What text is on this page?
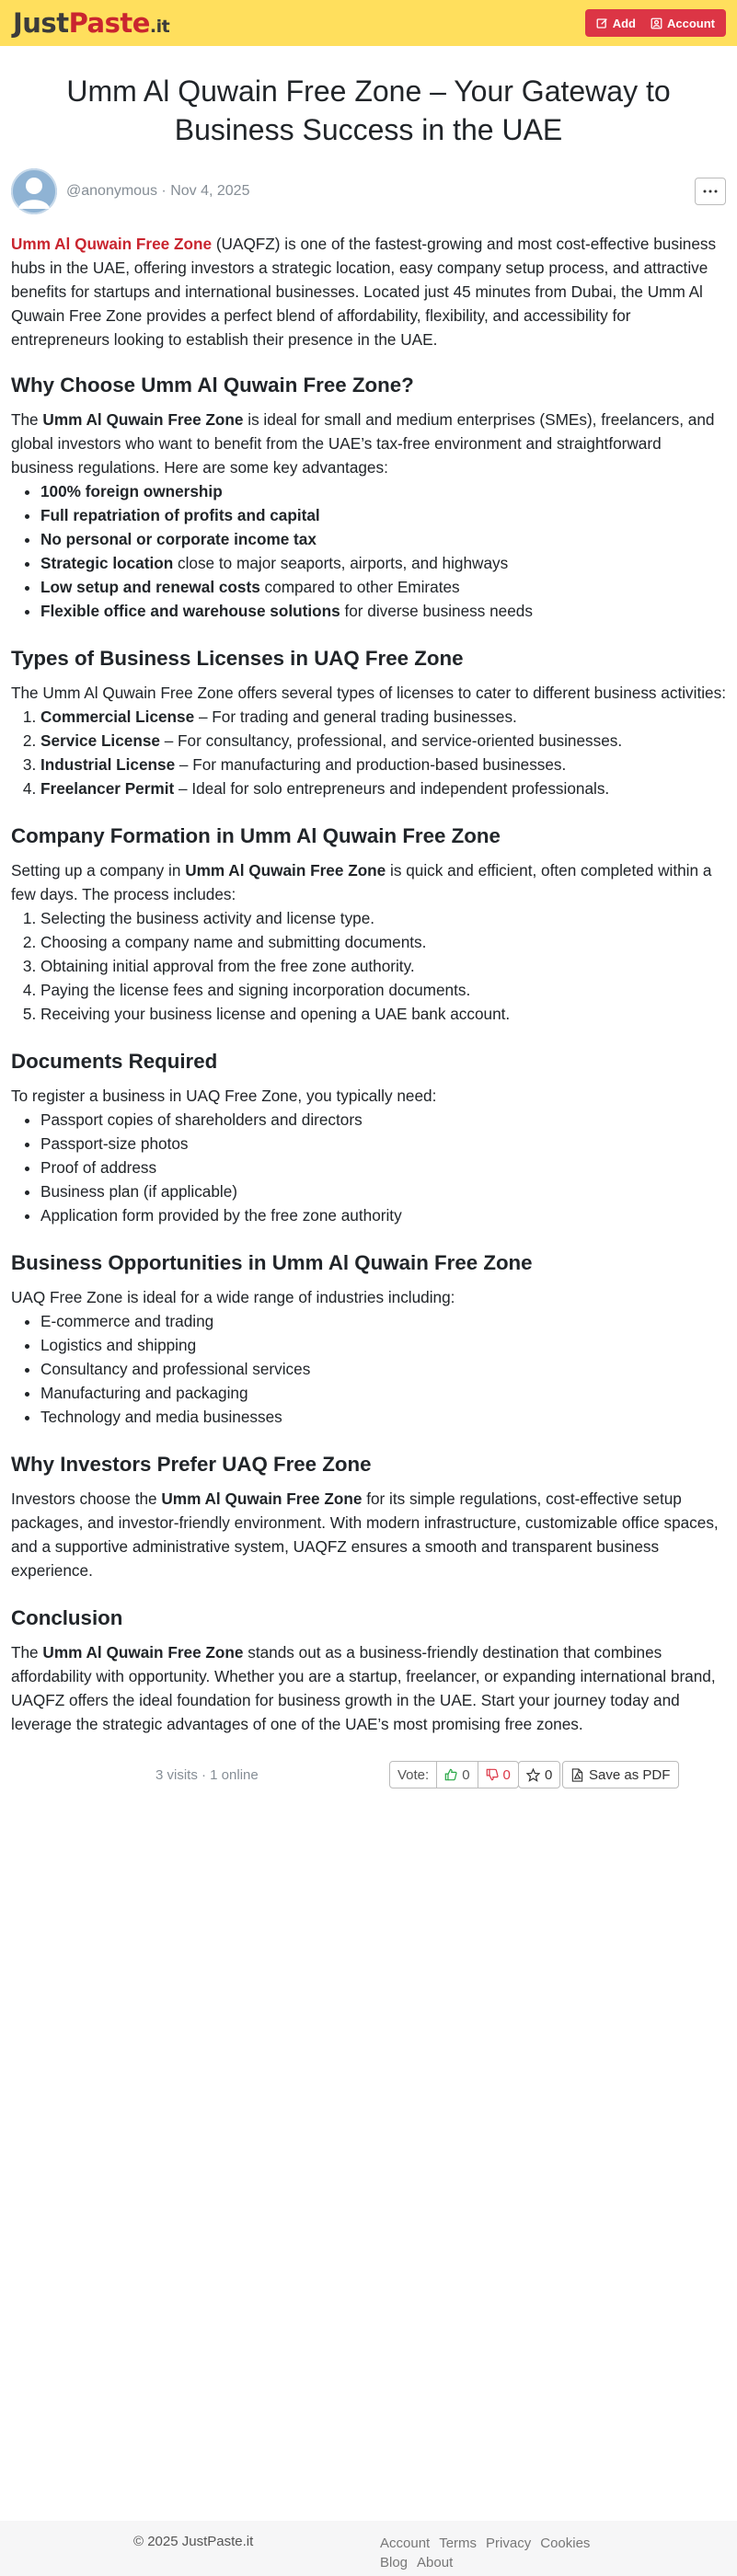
Just Paste .it	Add	Account
Umm Al Quwain Free Zone – Your Gateway to Business Success in the UAE
@anonymous · Nov 4, 2025

Umm Al Quwain Free Zone (UAQFZ) is one of the fastest-growing and most cost-effective business hubs in the UAE, offering investors a strategic location, easy company setup process, and attractive benefits for startups and international businesses. Located just 45 minutes from Dubai, the Umm Al Quwain Free Zone provides a perfect blend of affordability, flexibility, and accessibility for entrepreneurs looking to establish their presence in the UAE.

Why Choose Umm Al Quwain Free Zone?

The Umm Al Quwain Free Zone is ideal for small and medium enterprises (SMEs), freelancers, and global investors who want to benefit from the UAE’s tax-free environment and straightforward business regulations. Here are some key advantages:

• 100% foreign ownership
• Full repatriation of profits and capital
• No personal or corporate income tax
• Strategic location close to major seaports, airports, and highways
• Low setup and renewal costs compared to other Emirates
• Flexible office and warehouse solutions for diverse business needs
Types of Business Licenses in UAQ Free Zone

The Umm Al Quwain Free Zone offers several types of licenses to cater to different business activities:

1. Commercial License – For trading and general trading businesses.
2. Service License – For consultancy, professional, and service-oriented businesses.
3. Industrial License – For manufacturing and production-based businesses.
4. Freelancer Permit – Ideal for solo entrepreneurs and independent professionals.
Company Formation in Umm Al Quwain Free Zone

Setting up a company in Umm Al Quwain Free Zone is quick and efficient, often completed within a few days. The process includes:

1. Selecting the business activity and license type.
2. Choosing a company name and submitting documents.
3. Obtaining initial approval from the free zone authority.
4. Paying the license fees and signing incorporation documents.
5. Receiving your business license and opening a UAE bank account.
Documents Required

To register a business in UAQ Free Zone, you typically need:

• Passport copies of shareholders and directors
• Passport-size photos
• Proof of address
• Business plan (if applicable)
• Application form provided by the free zone authority
Business Opportunities in Umm Al Quwain Free Zone

UAQ Free Zone is ideal for a wide range of industries including:

• E-commerce and trading
• Logistics and shipping
• Consultancy and professional services
• Manufacturing and packaging
• Technology and media businesses
Why Investors Prefer UAQ Free Zone

Investors choose the Umm Al Quwain Free Zone for its simple regulations, cost-effective setup packages, and investor-friendly environment. With modern infrastructure, customizable office spaces, and a supportive administrative system, UAQFZ ensures a smooth and transparent business experience.

Conclusion

The Umm Al Quwain Free Zone stands out as a business-friendly destination that combines affordability with opportunity. Whether you are a startup, freelancer, or expanding international brand, UAQFZ offers the ideal foundation for business growth in the UAE. Start your journey today and leverage the strategic advantages of one of the UAE’s most promising free zones.

3 visits · 1 online	Vote: 0 0 0	Save as PDF
© 2025 JustPaste.it	Account Terms Privacy Cookies
Blog About
